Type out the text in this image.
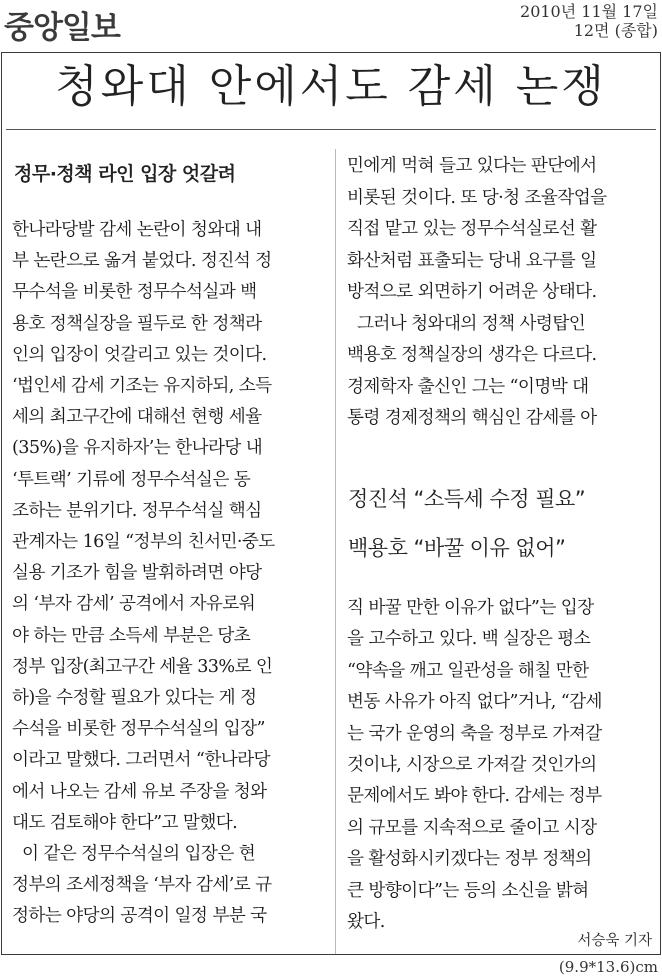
중앙일보	2010년 11월 17일
12면 (종합)
청와대 안에서도 감세 논쟁
정무·정책 라인 입장 엇갈려
한나라당발 감세 논란이 청와대 내
부 논란으로 옮겨 붙었다. 정진석 정
무수석을 비롯한 정무수석실과 백
용호 정책실장을 필두로 한 정책라
인의 입장이 엇갈리고 있는 것이다.
‘법인세 감세 기조는 유지하되, 소득
세의 최고구간에 대해선 현행 세율
(35%)을 유지하자’는 한나라당 내
‘투트랙’ 기류에 정무수석실은 동
조하는 분위기다. 정무수석실 핵심
관계자는 16일 “정부의 친서민·중도
실용 기조가 힘을 발휘하려면 야당
의 ‘부자 감세’ 공격에서 자유로워
야 하는 만큼 소득세 부분은 당초
정부 입장(최고구간 세율 33%로 인
하)을 수정할 필요가 있다는 게 정
수석을 비롯한 정무수석실의 입장”
이라고 말했다. 그러면서 “한나라당
에서 나오는 감세 유보 주장을 청와
대도 검토해야 한다”고 말했다.
이 같은 정무수석실의 입장은 현
정부의 조세정책을 ‘부자 감세’로 규
정하는 야당의 공격이 일정 부분 국
민에게 먹혀 들고 있다는 판단에서
비롯된 것이다. 또 당·청 조율작업을
직접 맡고 있는 정무수석실로선 활
화산처럼 표출되는 당내 요구를 일
방적으로 외면하기 어려운 상태다.
그러나 청와대의 정책 사령탑인
백용호 정책실장의 생각은 다르다.
경제학자 출신인 그는 “이명박 대
통령 경제정책의 핵심인 감세를 아
정진석 “소득세 수정 필요”
백용호 “바꿀 이유 없어”
직 바꿀 만한 이유가 없다”는 입장
을 고수하고 있다. 백 실장은 평소
“약속을 깨고 일관성을 해칠 만한
변동 사유가 아직 없다”거나, “감세
는 국가 운영의 축을 정부로 가져갈
것이냐, 시장으로 가져갈 것인가의
문제에서도 봐야 한다. 감세는 정부
의 규모를 지속적으로 줄이고 시장
을 활성화시키겠다는 정부 정책의
큰 방향이다”는 등의 소신을 밝혀
왔다.
서승욱 기자
(9.9*13.6)cm
